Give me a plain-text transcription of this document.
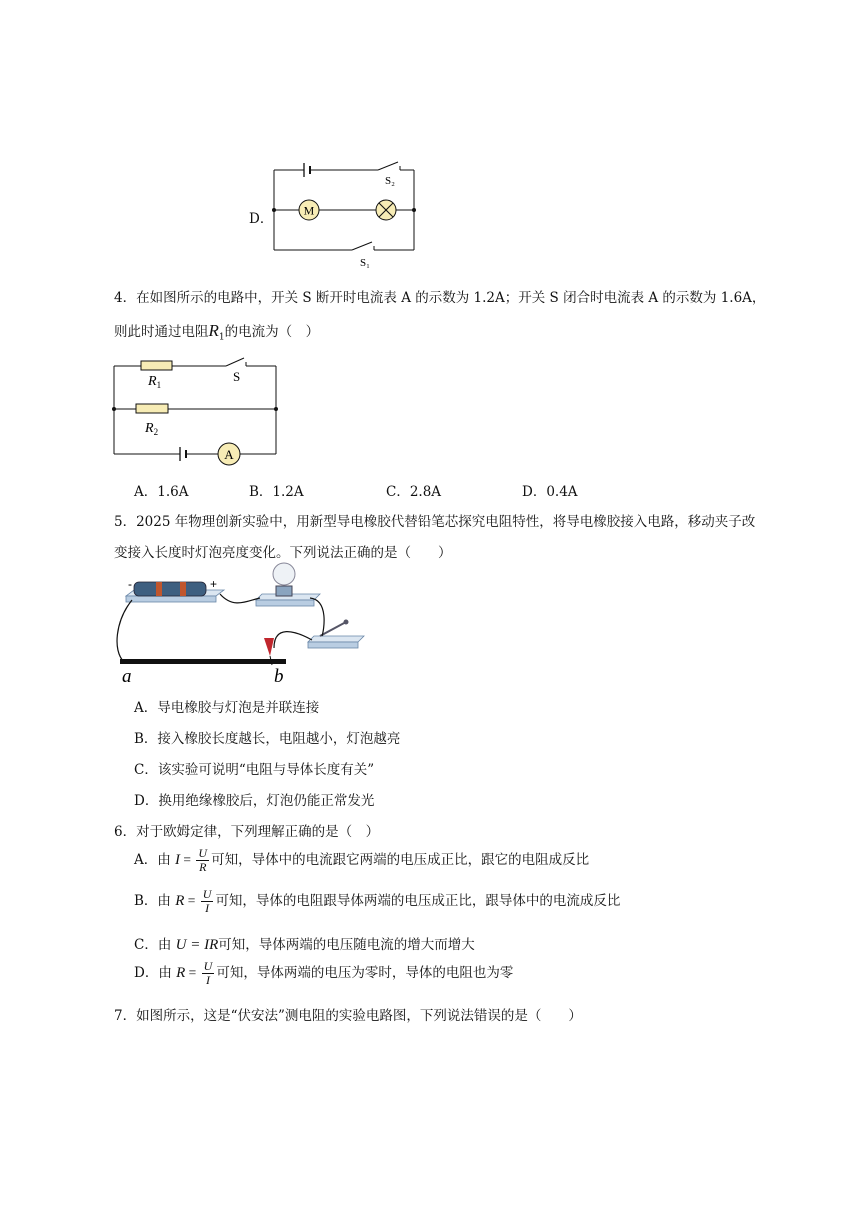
D．
M
S₂
S₁
4．在如图所示的电路中，开关 S 断开时电流表 A 的示数为 1.2A；开关 S 闭合时电流表 A 的示数为 1.6A，
则此时通过电阻$R_1$的电流为（　）
A
$R_1$
$R_2$
S
A．1.6A	B．1.2A	C．2.8A	D．0.4A
5．2025 年物理创新实验中，用新型导电橡胶代替铅笔芯探究电阻特性，将导电橡胶接入电路，移动夹子改
变接入长度时灯泡亮度变化。下列说法正确的是（　　）
-	+
a	b
A．导电橡胶与灯泡是并联连接
B．接入橡胶长度越长，电阻越小，灯泡越亮
C．该实验可说明“电阻与导体长度有关”
D．换用绝缘橡胶后，灯泡仍能正常发光
6．对于欧姆定律，下列理解正确的是（　）
A．由 $I = \frac{U}{R}$ 可知，导体中的电流跟它两端的电压成正比，跟它的电阻成反比
B．由 $R = \frac{U}{I}$ 可知，导体的电阻跟导体两端的电压成正比，跟导体中的电流成反比
C．由 U = IR可知，导体两端的电压随电流的增大而增大
D．由 $R = \frac{U}{I}$ 可知，导体两端的电压为零时，导体的电阻也为零
7．如图所示，这是“伏安法”测电阻的实验电路图，下列说法错误的是（　　）
